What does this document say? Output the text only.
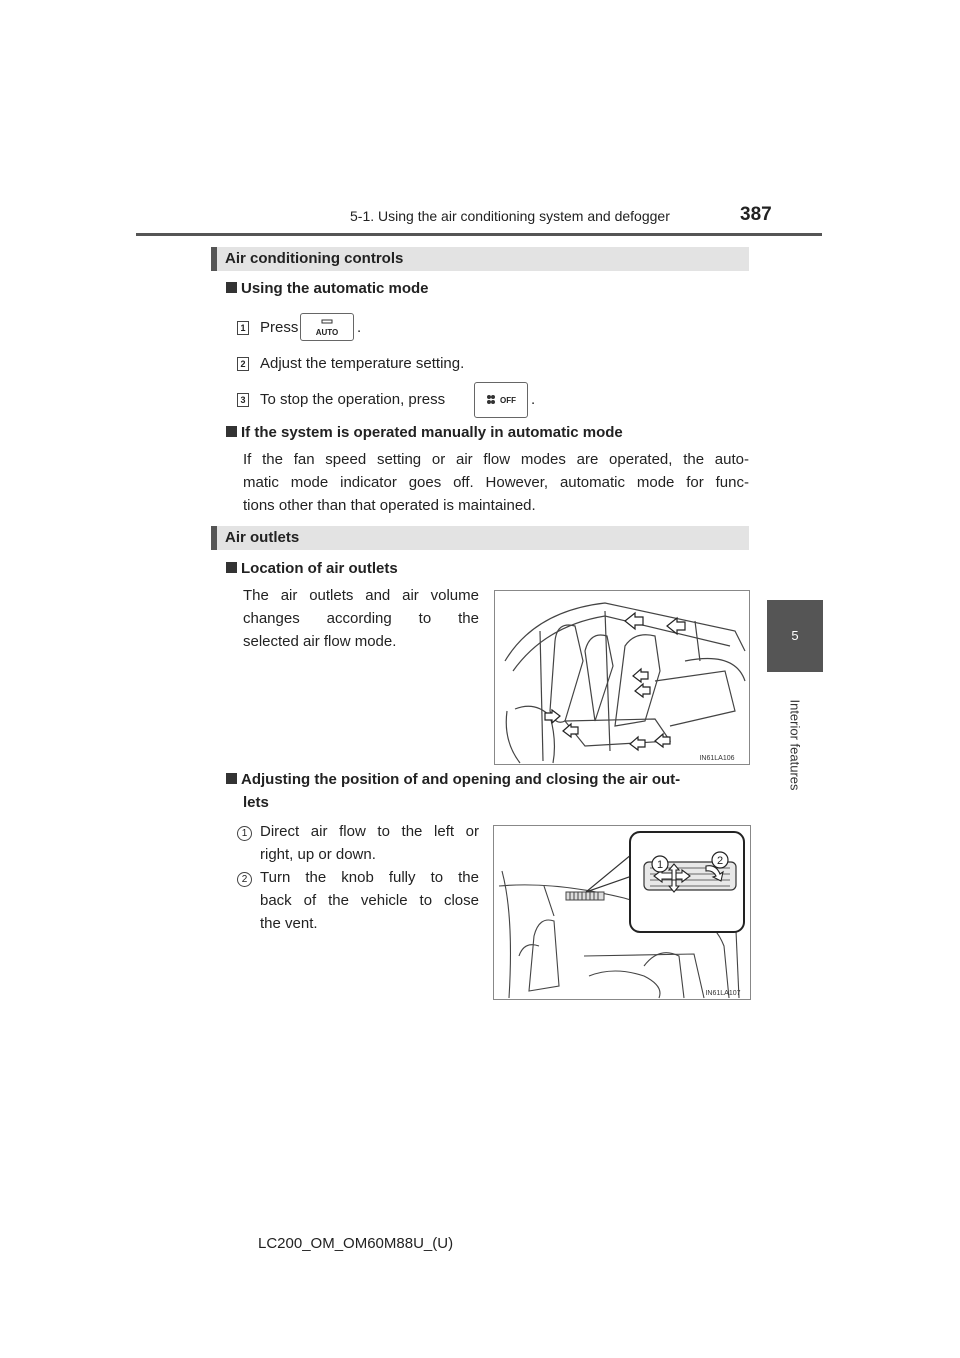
5-1. Using the air conditioning system and defogger	387
5
Interior features
Air conditioning controls
Using the automatic mode
1 Press AUTO .
2 Adjust the temperature setting.
3 To stop the operation, press	OFF .
If the system is operated manually in automatic mode
If the fan speed setting or air flow modes are operated, the auto-
matic mode indicator goes off. However, automatic mode for func-
tions other than that operated is maintained.
Air outlets
Location of air outlets
The air outlets and air volume
changes according to the
selected air flow mode.
IN61LA106
Adjusting the position of and opening and closing the air out-
lets
1 Direct air flow to the left or
right, up or down.
2 Turn the knob fully to the
back of the vehicle to close
the vent.
1	2
IN61LA107
LC200_OM_OM60M88U_(U)
